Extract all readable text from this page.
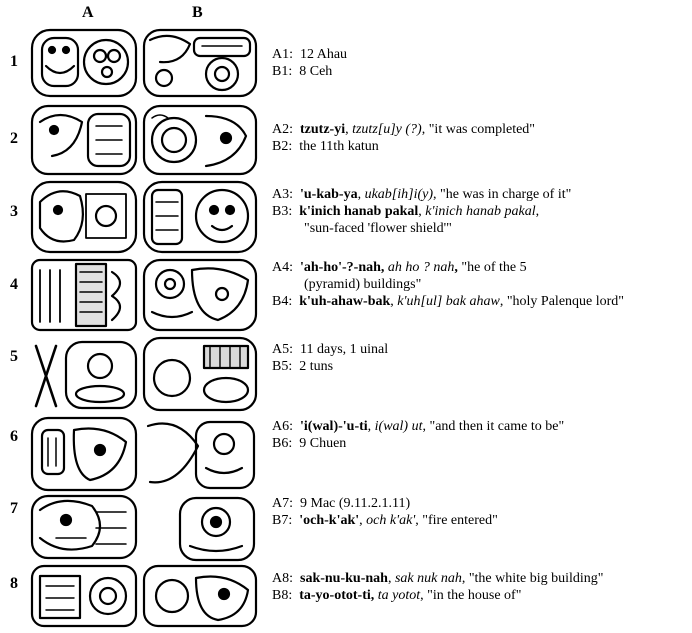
A	B
1
2
3
4
5
6
7
8
A1:  12 Ahau
B1:  8 Ceh
A2:  tzutz-yi, tzutz[u]y (?), "it was completed"
B2:  the 11th katun
A3:  'u-kab-ya, ukab[ih]i(y), "he was in charge of it"
B3:  k'inich hanab pakal, k'inich hanab pakal,
"sun-faced 'flower shield'"
A4:  'ah-ho'-?-nah, ah ho ? nah, "he of the 5
(pyramid) buildings"
B4:  k'uh-ahaw-bak, k'uh[ul] bak ahaw, "holy Palenque lord"
A5:  11 days, 1 uinal
B5:  2 tuns
A6:  'i(wal)-'u-ti, i(wal) ut, "and then it came to be"
B6:  9 Chuen
A7:  9 Mac (9.11.2.1.11)
B7:  'och-k'ak', och k'ak', "fire entered"
A8:  sak-nu-ku-nah, sak nuk nah, "the white big building"
B8:  ta-yo-otot-ti, ta yotot, "in the house of"
